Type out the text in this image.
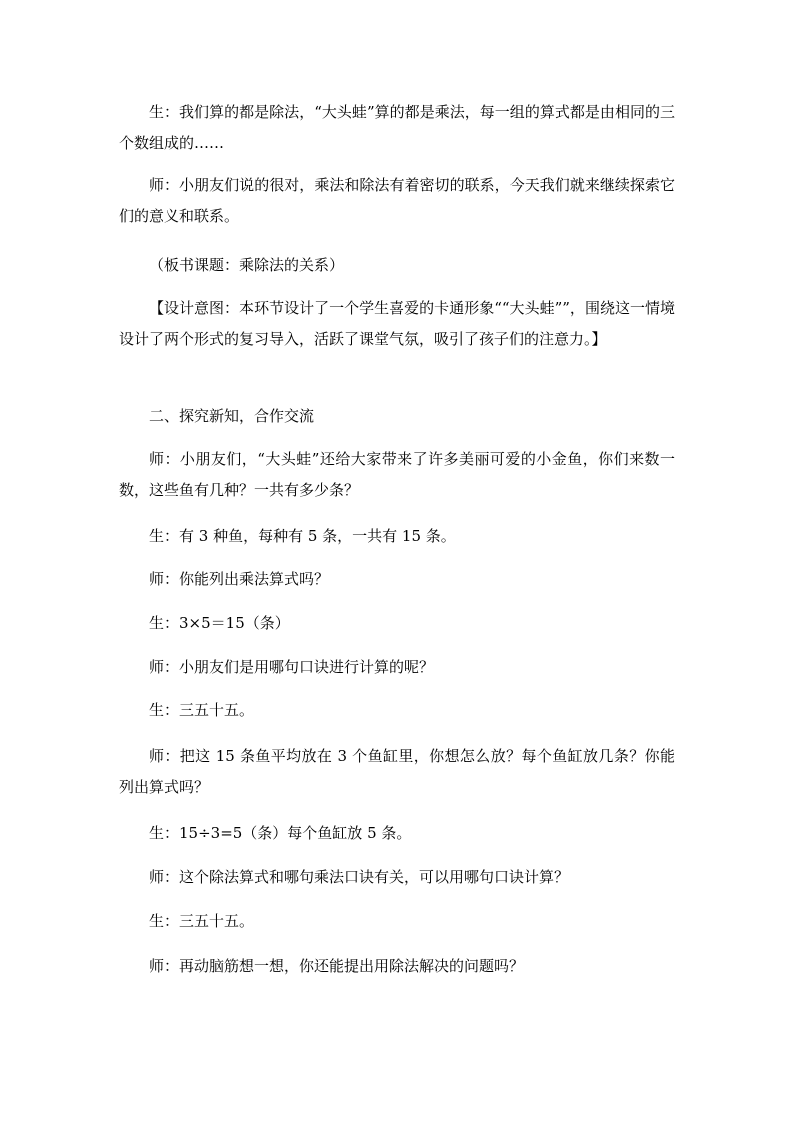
生：我们算的都是除法，“大头蛙”算的都是乘法，每一组的算式都是由相同的三个数组成的……

师：小朋友们说的很对，乘法和除法有着密切的联系，今天我们就来继续探索它们的意义和联系。

（板书课题：乘除法的关系）

【设计意图：本环节设计了一个学生喜爱的卡通形象““大头蛙””，围绕这一情境设计了两个形式的复习导入，活跃了课堂气氛，吸引了孩子们的注意力。】

二、探究新知，合作交流

师：小朋友们，“大头蛙”还给大家带来了许多美丽可爱的小金鱼，你们来数一数，这些鱼有几种？一共有多少条？

生：有 3 种鱼，每种有 5 条，一共有 15 条。

师：你能列出乘法算式吗？

生：3×5＝15（条）

师：小朋友们是用哪句口诀进行计算的呢？

生：三五十五。

师：把这 15 条鱼平均放在 3 个鱼缸里，你想怎么放？每个鱼缸放几条？你能列出算式吗？

生：15÷3=5（条）每个鱼缸放 5 条。

师：这个除法算式和哪句乘法口诀有关，可以用哪句口诀计算？

生：三五十五。

师：再动脑筋想一想，你还能提出用除法解决的问题吗？
